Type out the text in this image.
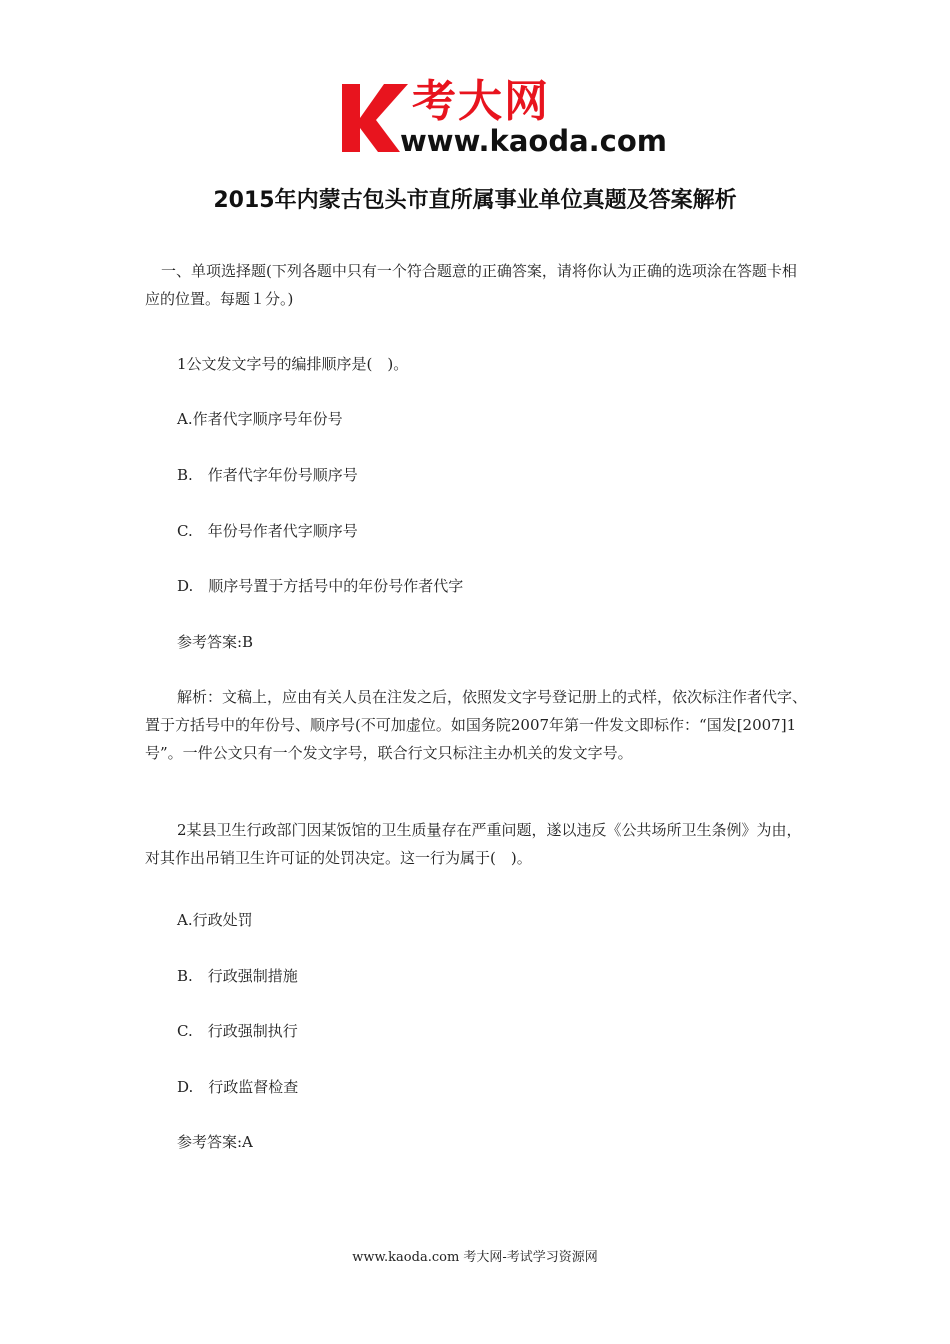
考大网
www.kaoda.com
2015年内蒙古包头市直所属事业单位真题及答案解析

一、单项选择题(下列各题中只有一个符合题意的正确答案，请将你认为正确的选项涂在答题卡相应的位置。每题１分。)

1公文发文字号的编排顺序是(　)。

A.作者代字顺序号年份号

B.　作者代字年份号顺序号

C.　年份号作者代字顺序号

D.　顺序号置于方括号中的年份号作者代字

参考答案:B

解析：文稿上，应由有关人员在注发之后，依照发文字号登记册上的式样，依次标注作者代字、置于方括号中的年份号、顺序号(不可加虚位。如国务院2007年第一件发文即标作：“国发[2007]1号”。一件公文只有一个发文字号，联合行文只标注主办机关的发文字号。

2某县卫生行政部门因某饭馆的卫生质量存在严重问题，遂以违反《公共场所卫生条例》为由，对其作出吊销卫生许可证的处罚决定。这一行为属于(　)。

A.行政处罚

B.　行政强制措施

C.　行政强制执行

D.　行政监督检查

参考答案:A

www.kaoda.com 考大网-考试学习资源网
